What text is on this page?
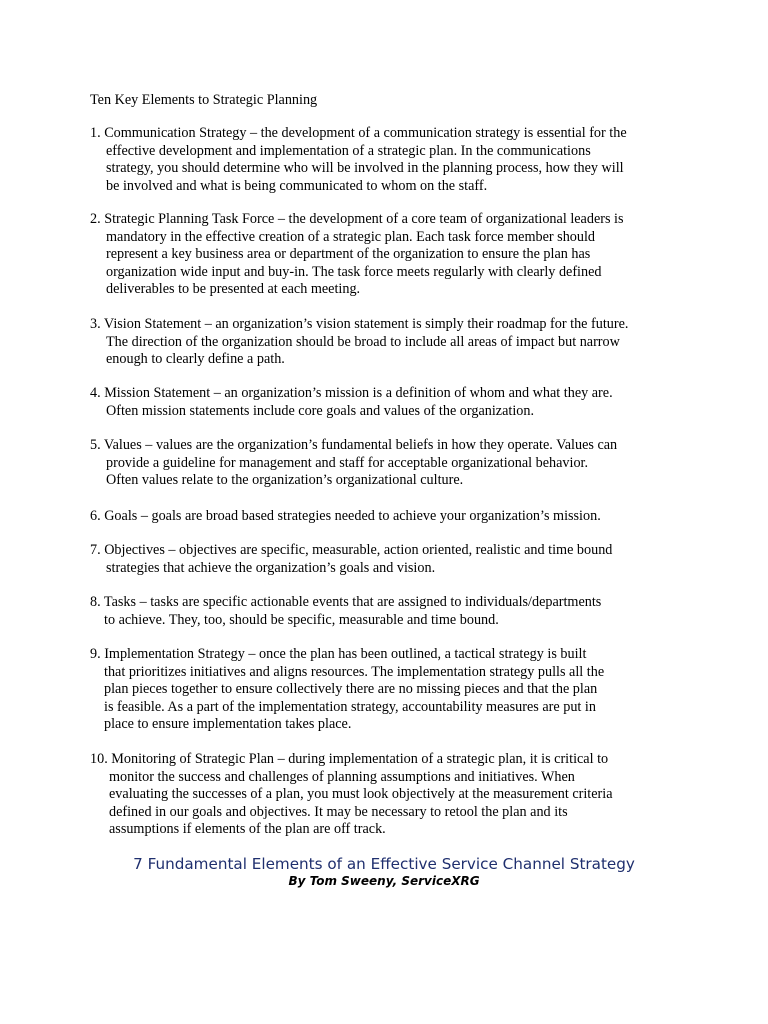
Ten Key Elements to Strategic Planning
1. Communication Strategy – the development of a communication strategy is essential for the
effective development and implementation of a strategic plan. In the communications
strategy, you should determine who will be involved in the planning process, how they will
be involved and what is being communicated to whom on the staff.
2. Strategic Planning Task Force – the development of a core team of organizational leaders is
mandatory in the effective creation of a strategic plan. Each task force member should
represent a key business area or department of the organization to ensure the plan has
organization wide input and buy-in. The task force meets regularly with clearly defined
deliverables to be presented at each meeting.
3. Vision Statement – an organization’s vision statement is simply their roadmap for the future.
The direction of the organization should be broad to include all areas of impact but narrow
enough to clearly define a path.
4. Mission Statement – an organization’s mission is a definition of whom and what they are.
Often mission statements include core goals and values of the organization.
5. Values – values are the organization’s fundamental beliefs in how they operate. Values can
provide a guideline for management and staff for acceptable organizational behavior.
Often values relate to the organization’s organizational culture.
6. Goals – goals are broad based strategies needed to achieve your organization’s mission.
7. Objectives – objectives are specific, measurable, action oriented, realistic and time bound
strategies that achieve the organization’s goals and vision.
8. Tasks – tasks are specific actionable events that are assigned to individuals/departments
to achieve. They, too, should be specific, measurable and time bound.
9. Implementation Strategy – once the plan has been outlined, a tactical strategy is built
that prioritizes initiatives and aligns resources. The implementation strategy pulls all the
plan pieces together to ensure collectively there are no missing pieces and that the plan
is feasible. As a part of the implementation strategy, accountability measures are put in
place to ensure implementation takes place.
10. Monitoring of Strategic Plan – during implementation of a strategic plan, it is critical to
monitor the success and challenges of planning assumptions and initiatives. When
evaluating the successes of a plan, you must look objectively at the measurement criteria
defined in our goals and objectives. It may be necessary to retool the plan and its
assumptions if elements of the plan are off track.
7 Fundamental Elements of an Effective Service Channel Strategy
By Tom Sweeny, ServiceXRG
